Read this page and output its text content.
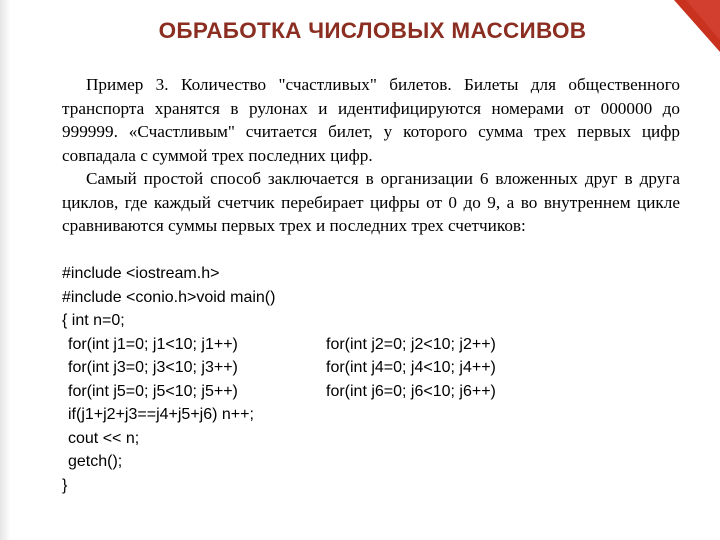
ОБРАБОТКА ЧИСЛОВЫХ МАССИВОВ

Пример 3. Количество "счастливых" билетов. Билеты для общественного транспорта хранятся в рулонах и идентифицируются номерами от 000000 до 999999. «Счастливым" считается билет, у которого сумма трех первых цифр совпадала с суммой трех последних цифр.

Самый простой способ заключается в организации 6 вложенных друг в друга циклов, где каждый счетчик перебирает цифры от 0 до 9, а во внутреннем цикле сравниваются суммы первых трех и последних трех счетчиков:

#include <iostream.h>
#include <conio.h>void main()
{ int n=0;
for(int j1=0; j1<10; j1++)	for(int j2=0; j2<10; j2++)
for(int j3=0; j3<10; j3++)	for(int j4=0; j4<10; j4++)
for(int j5=0; j5<10; j5++)	for(int j6=0; j6<10; j6++)
if(j1+j2+j3==j4+j5+j6) n++;
cout << n;
getch();
}
